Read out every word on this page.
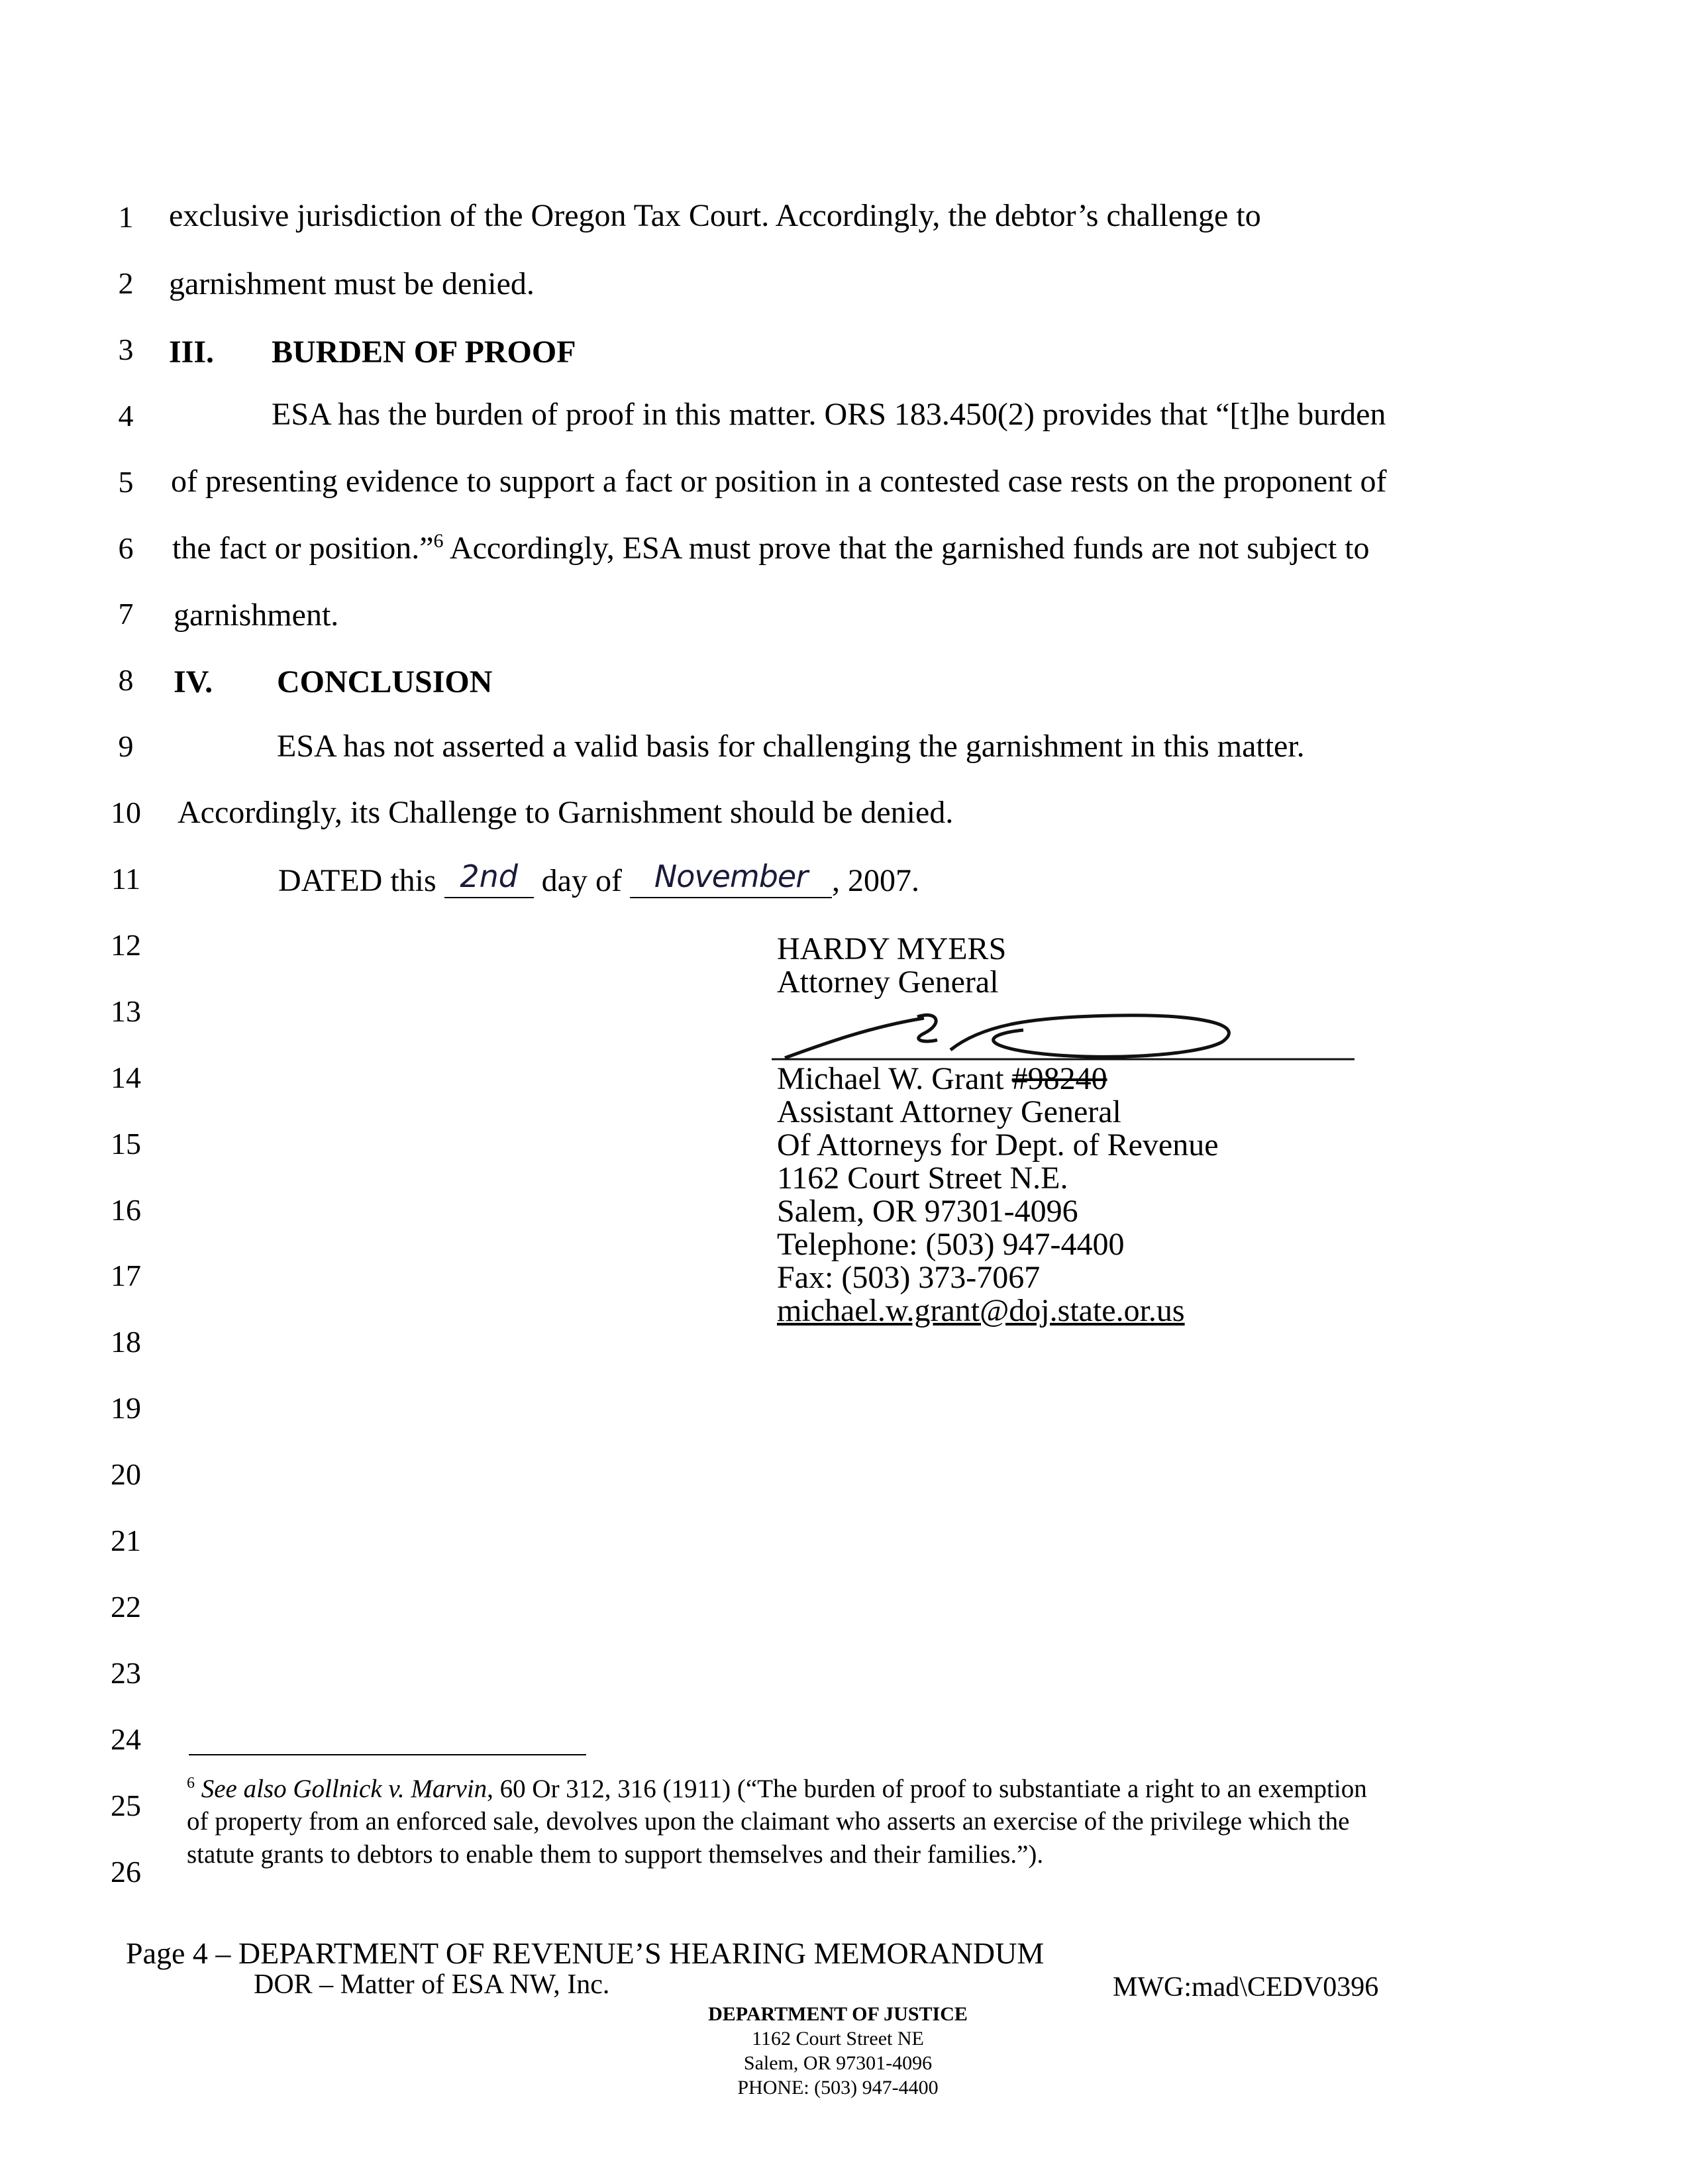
1
2
3
4
5
6
7
8
9
10
11
12
13
14
15
16
17
18
19
20
21
22
23
24
25
26
exclusive jurisdiction of the Oregon Tax Court. Accordingly, the debtor’s challenge to
garnishment must be denied.
III. BURDEN OF PROOF
ESA has the burden of proof in this matter. ORS 183.450(2) provides that “[t]he burden
of presenting evidence to support a fact or position in a contested case rests on the proponent of
the fact or position.”$^6$ Accordingly, ESA must prove that the garnished funds are not subject to
garnishment.
IV. CONCLUSION
ESA has not asserted a valid basis for challenging the garnishment in this matter.
Accordingly, its Challenge to Garnishment should be denied.
DATED this 2nd day of November , 2007.
HARDY MYERS
Attorney General
Michael W. Grant #98240
Assistant Attorney General
Of Attorneys for Dept. of Revenue
1162 Court Street N.E.
Salem, OR 97301-4096
Telephone: (503) 947-4400
Fax: (503) 373-7067
michael.w.grant@doj.state.or.us
$^6$ See also Gollnick v. Marvin, 60 Or 312, 316 (1911) (“The burden of proof to substantiate a right to an exemption
of property from an enforced sale, devolves upon the claimant who asserts an exercise of the privilege which the
statute grants to debtors to enable them to support themselves and their families.”).
Page 4 – DEPARTMENT OF REVENUE’S HEARING MEMORANDUM
DOR – Matter of ESA NW, Inc.	MWG:mad\CEDV0396
DEPARTMENT OF JUSTICE
1162 Court Street NE
Salem, OR 97301-4096
PHONE: (503) 947-4400
